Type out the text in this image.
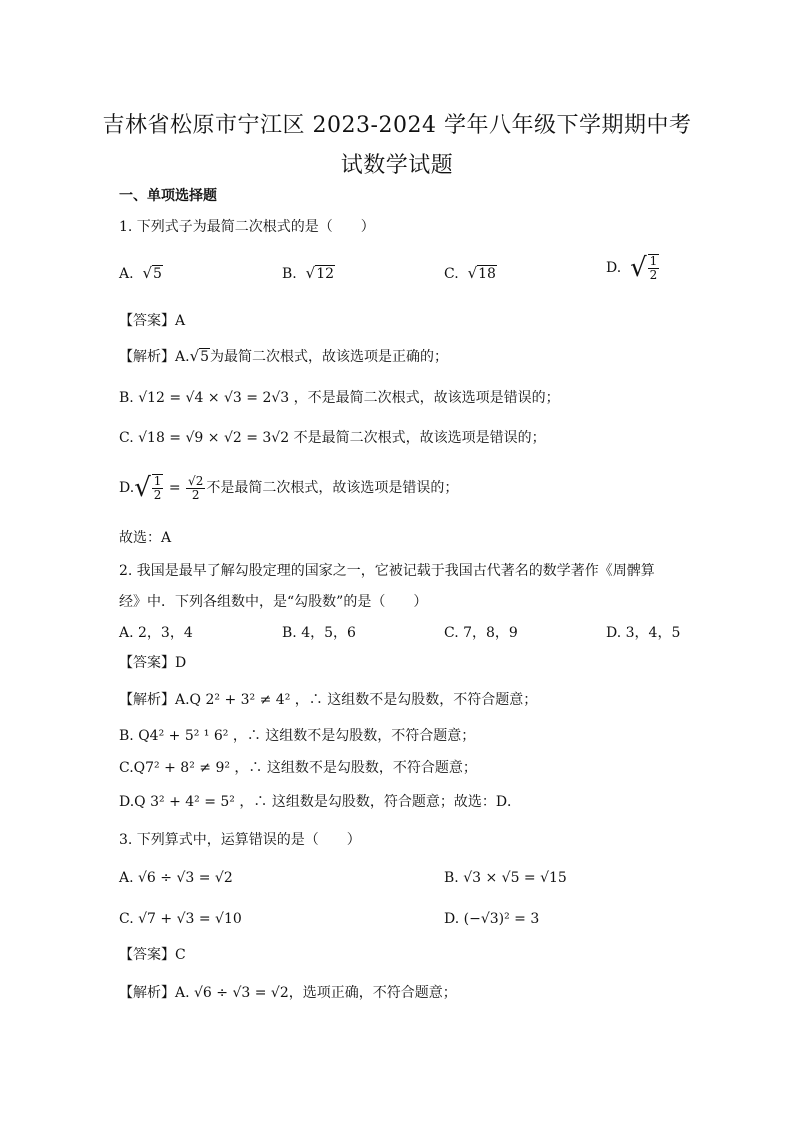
吉林省松原市宁江区 2023-2024 学年八年级下学期期中考
试数学试题
一、单项选择题
1. 下列式子为最简二次根式的是（　　）
A. √5	B. √12	C. √18	D. √ $\frac{1}{2}$
【答案】A
【解析】A.√5为最简二次根式，故该选项是正确的；
B. √12 = √4 × √3 = 2√3 ，不是最简二次根式，故该选项是错误的；
C. √18 = √9 × √2 = 3√2 不是最简二次根式，故该选项是错误的；
$D.√ \frac{1}{2} = \frac{√2}{2}$ 不是最简二次根式，故该选项是错误的；
故选：A
2. 我国是最早了解勾股定理的国家之一，它被记载于我国古代著名的数学著作《周髀算
经》中．下列各组数中，是“勾股数”的是（　　）
A. 2，3，4	B. 4，5，6	C. 7，8，9	D. 3，4，5
【答案】D
【解析】A.Q 2² + 3² ≠ 4² ，∴ 这组数不是勾股数，不符合题意；
B. Q4² + 5² ¹ 6² ，∴ 这组数不是勾股数，不符合题意；
C.Q7² + 8² ≠ 9² ，∴ 这组数不是勾股数，不符合题意；
D.Q 3² + 4² = 5² ，∴ 这组数是勾股数，符合题意；故选：D．
3. 下列算式中，运算错误的是（　　）
A. √6 ÷ √3 = √2	B. √3 × √5 = √15
C. √7 + √3 = √10	D. (−√3)² = 3
【答案】C
【解析】A. √6 ÷ √3 = √2，选项正确，不符合题意；
